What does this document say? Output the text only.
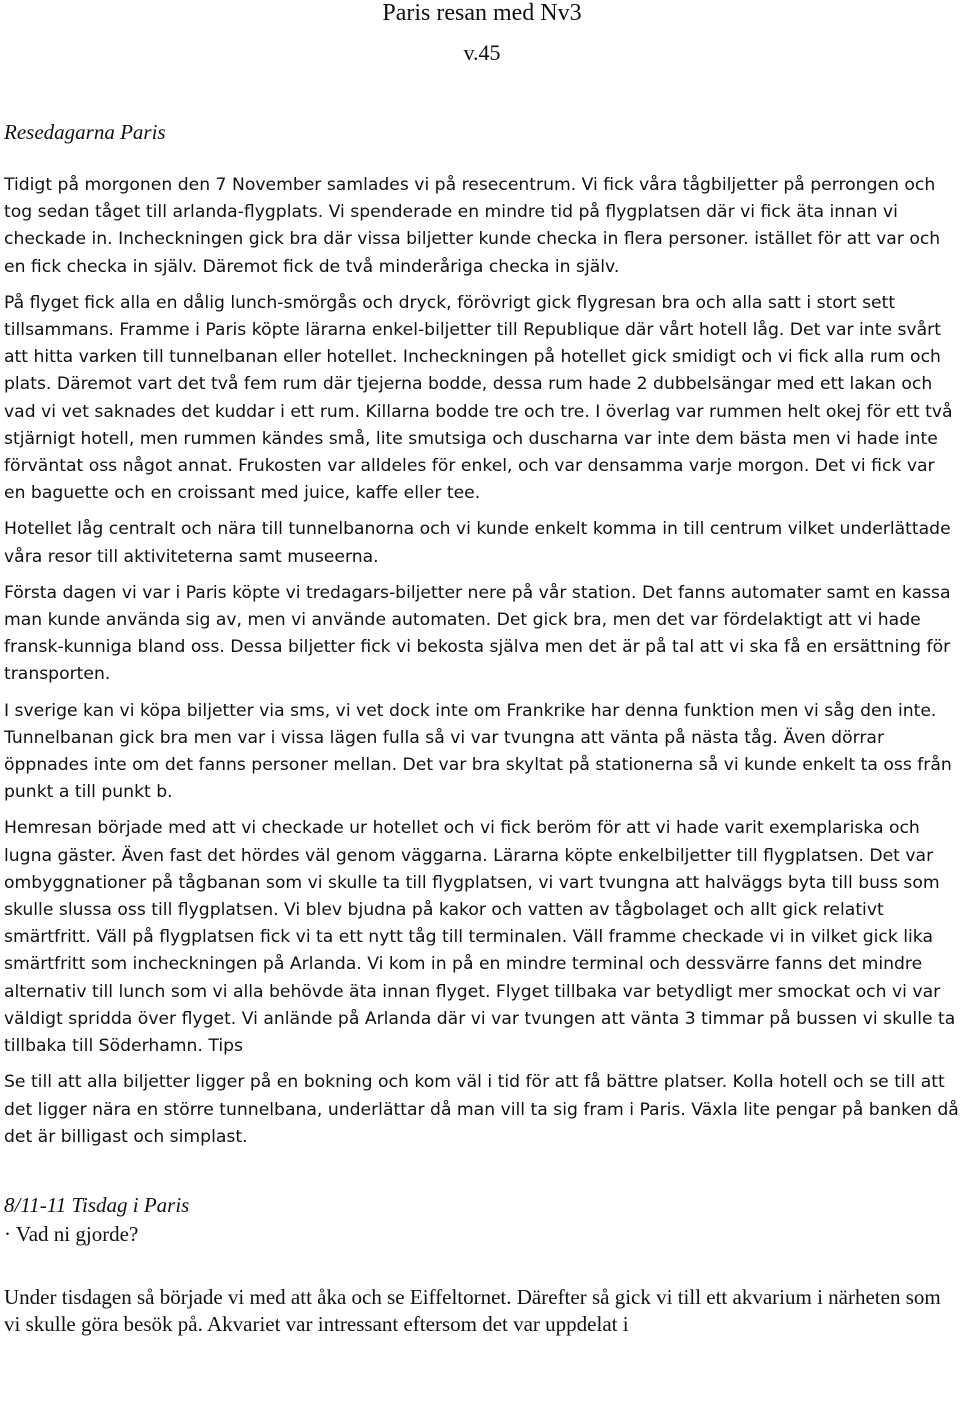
Paris resan med Nv3
v.45
Resedagarna Paris

Tidigt på morgonen den 7 November samlades vi på resecentrum. Vi fick våra tågbiljetter på perrongen och tog sedan tåget till arlanda-flygplats. Vi spenderade en mindre tid på flygplatsen där vi fick äta innan vi checkade in. Incheckningen gick bra där vissa biljetter kunde checka in flera personer. istället för att var och en fick checka in själv. Däremot fick de två minderåriga checka in själv.

På flyget fick alla en dålig lunch-smörgås och dryck, förövrigt gick flygresan bra och alla satt i stort sett tillsammans. Framme i Paris köpte lärarna enkel-biljetter till Republique där vårt hotell låg. Det var inte svårt att hitta varken till tunnelbanan eller hotellet. Incheckningen på hotellet gick smidigt och vi fick alla rum och plats. Däremot vart det två fem rum där tjejerna bodde, dessa rum hade 2 dubbelsängar med ett lakan och vad vi vet saknades det kuddar i ett rum. Killarna bodde tre och tre. I överlag var rummen helt okej för ett två stjärnigt hotell, men rummen kändes små, lite smutsiga och duscharna var inte dem bästa men vi hade inte förväntat oss något annat. Frukosten var alldeles för enkel, och var densamma varje morgon. Det vi fick var en baguette och en croissant med juice, kaffe eller tee.

Hotellet låg centralt och nära till tunnelbanorna och vi kunde enkelt komma in till centrum vilket underlättade våra resor till aktiviteterna samt museerna.

Första dagen vi var i Paris köpte vi tredagars-biljetter nere på vår station. Det fanns automater samt en kassa man kunde använda sig av, men vi använde automaten. Det gick bra, men det var fördelaktigt att vi hade fransk-kunniga bland oss. Dessa biljetter fick vi bekosta själva men det är på tal att vi ska få en ersättning för transporten.

I sverige kan vi köpa biljetter via sms, vi vet dock inte om Frankrike har denna funktion men vi såg den inte. Tunnelbanan gick bra men var i vissa lägen fulla så vi var tvungna att vänta på nästa tåg. Även dörrar öppnades inte om det fanns personer mellan. Det var bra skyltat på stationerna så vi kunde enkelt ta oss från punkt a till punkt b.

Hemresan började med att vi checkade ur hotellet och vi fick beröm för att vi hade varit exemplariska och lugna gäster. Även fast det hördes väl genom väggarna. Lärarna köpte enkelbiljetter till flygplatsen. Det var ombyggnationer på tågbanan som vi skulle ta till flygplatsen, vi vart tvungna att halväggs byta till buss som skulle slussa oss till flygplatsen. Vi blev bjudna på kakor och vatten av tågbolaget och allt gick relativt smärtfritt. Väll på flygplatsen fick vi ta ett nytt tåg till terminalen. Väll framme checkade vi in vilket gick lika smärtfritt som incheckningen på Arlanda. Vi kom in på en mindre terminal och dessvärre fanns det mindre alternativ till lunch som vi alla behövde äta innan flyget. Flyget tillbaka var betydligt mer smockat och vi var väldigt spridda över flyget. Vi anlände på Arlanda där vi var tvungen att vänta 3 timmar på bussen vi skulle ta tillbaka till Söderhamn. Tips

Se till att alla biljetter ligger på en bokning och kom väl i tid för att få bättre platser. Kolla hotell och se till att det ligger nära en större tunnelbana, underlättar då man vill ta sig fram i Paris. Växla lite pengar på banken då det är billigast och simplast.

8/11-11 Tisdag i Paris
· Vad ni gjorde?

Under tisdagen så började vi med att åka och se Eiffeltornet. Därefter så gick vi till ett akvarium i närheten som vi skulle göra besök på. Akvariet var intressant eftersom det var uppdelat i
